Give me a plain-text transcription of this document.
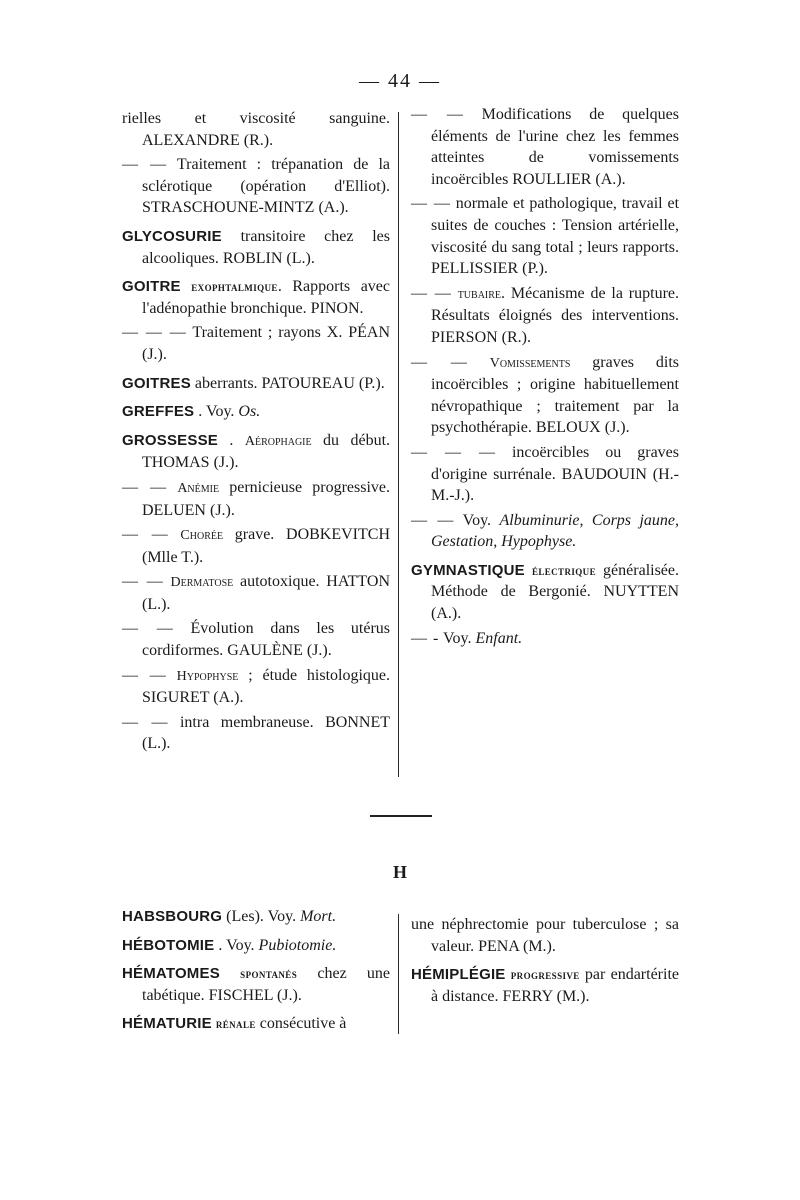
— 44 —
rielles et viscosité sanguine. ALEXANDRE (R.).
— — Traitement : trépanation de la sclérotique (opération d'Elliot). STRASCHOUNE-MINTZ (A.).
GLYCOSURIE transitoire chez les alcooliques. ROBLIN (L.).
GOITRE exophtalmique. Rapports avec l'adénopathie bronchique. PINON.
— — — Traitement ; rayons X. PÉAN (J.).
GOITRES aberrants. PATOUREAU (P.).
GREFFES . Voy. Os.
GROSSESSE . Aérophagie du début. THOMAS (J.).
— — Anémie pernicieuse progressive. DELUEN (J.).
— — Chorée grave. DOBKEVITCH (Mlle T.).
— — Dermatose autotoxique. HATTON (L.).
— — Évolution dans les utérus cordiformes. GAULÈNE (J.).
— — Hypophyse ; étude histologique. SIGURET (A.).
— — intra membraneuse. BONNET (L.).
— — Modifications de quelques éléments de l'urine chez les femmes atteintes de vomissements incoërcibles ROULLIER (A.).
— — normale et pathologique, travail et suites de couches : Tension artérielle, viscosité du sang total ; leurs rapports. PELLISSIER (P.).
— — tubaire. Mécanisme de la rupture. Résultats éloignés des interventions. PIERSON (R.).
— — Vomissements graves dits incoërcibles ; origine habituellement névropathique ; traitement par la psychothérapie. BELOUX (J.).
— — — incoërcibles ou graves d'origine surrénale. BAUDOUIN (H.-M.-J.).
— — Voy. Albuminurie, Corps jaune, Gestation, Hypophyse.
GYMNASTIQUE électrique généralisée. Méthode de Bergonié. NUYTTEN (A.).
— - Voy. Enfant.
H
HABSBOURG (Les). Voy. Mort.
HÉBOTOMIE . Voy. Pubiotomie.
HÉMATOMES spontanés chez une tabétique. FISCHEL (J.).
HÉMATURIE rénale consécutive à
une néphrectomie pour tuberculose ; sa valeur. PENA (M.).
HÉMIPLÉGIE progressive par endartérite à distance. FERRY (M.).
